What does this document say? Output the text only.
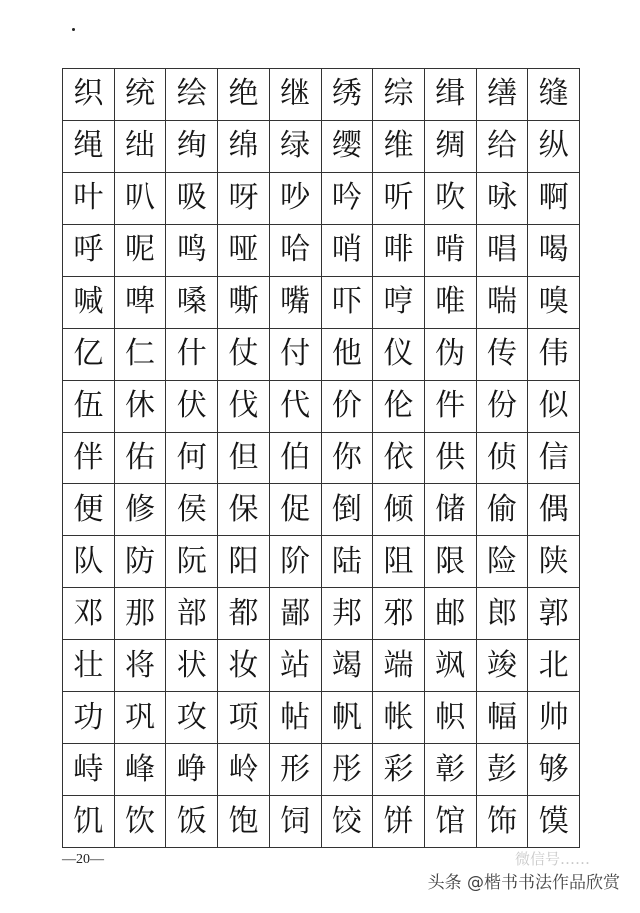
织 统 绘 绝 继 绣 综 缉 缮 缝
绳 绌 绚 绵 绿 缨 维 绸 给 纵
叶 叭 吸 呀 吵 吟 听 吹 咏 啊
呼 呢 鸣 哑 哈 哨 啡 啃 唱 喝
喊 啤 嗓 嘶 嘴 吓 哼 唯 喘 嗅
亿 仁 什 仗 付 他 仪 伪 传 伟
伍 休 伏 伐 代 价 伦 件 份 似
伴 佑 何 但 伯 你 依 供 侦 信
便 修 侯 保 促 倒 倾 储 偷 偶
队 防 阮 阳 阶 陆 阻 限 险 陕
邓 那 部 都 鄙 邦 邪 邮 郎 郭
壮 将 状 妆 站 竭 端 飒 竣 北
功 巩 攻 项 帖 帆 帐 帜 幅 帅
峙 峰 峥 岭 形 彤 彩 彰 彭 够
饥 饮 饭 饱 饲 饺 饼 馆 饰 馍
—20—	微信号……
头条 @楷书书法作品欣赏
